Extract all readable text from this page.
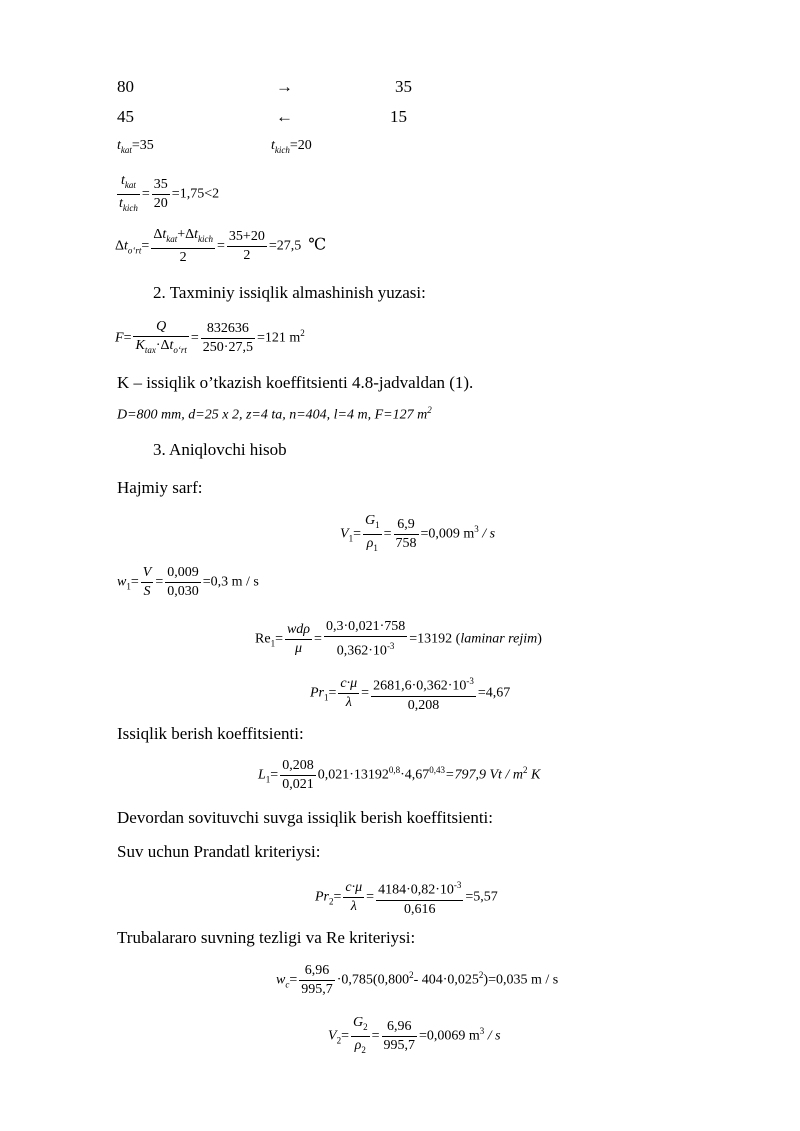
80	→	35
45	←	15
$t_{kat}=35$	$t_{kich}=20$
$\frac{t_{kat}}{t_{kich}} = \frac{35}{20} =1,75<2$
$\Delta t_{o‘rt}= \frac{\Delta t_{kat}+\Delta t_{kich}}{2} = \frac{35+20}{2} =27,5$ ℃
2. Taxminiy issiqlik almashinish yuzasi:
$F= \frac{Q}{K_{tax}\cdot\Delta t_{o‘rt}} = \frac{832636}{250\cdot 27,5} =121$ $m^2$
K – issiqlik o’tkazish koeffitsienti 4.8-jadvaldan (1).
D=800 mm, d=25 x 2, z=4 ta, n=404, l=4 m, F=127 $m^2$
3. Aniqlovchi hisob
Hajmiy sarf:
$V_1= \frac{G_1}{\rho_1} = \frac{6,9}{758} =0,009$ $m^3$ / s
$w_1= \frac{V}{S} = \frac{0,009}{0,030} =0,3$ m / s
$Re_1= \frac{\text{wdρ}}{\mu} = \frac{0,3\cdot 0,021\cdot 758}{0,362\cdot 10^{-3}} =13192$ (laminar rejim)
$Pr_1= \frac{c\cdot\mu}{\lambda} = \frac{2681,6\cdot 0,362\cdot 10^{-3}}{0,208} =4,67$
Issiqlik berish koeffitsienti:
$L_1= \frac{0,208}{0,021} 0,021\cdot 13192^{0,8}\cdot 4,67^{0,43}=797,9$ Vt / $m^2$ K
Devordan sovituvchi suvga issiqlik berish koeffitsienti:
Suv uchun Prandatl kriteriysi:
$Pr_2= \frac{c\cdot\mu}{\lambda} = \frac{4184\cdot 0,82\cdot 10^{-3}}{0,616} =5,57$
Trubalararo suvning tezligi va Re kriteriysi:
$w_c= \frac{6,96}{995,7} \cdot 0,785(0,800^2-$ $404\cdot 0,025^2)=0,035$ m / s
$V_2= \frac{G_2}{\rho_2} = \frac{6,96}{995,7} =0,0069$ $m^3$ / s
